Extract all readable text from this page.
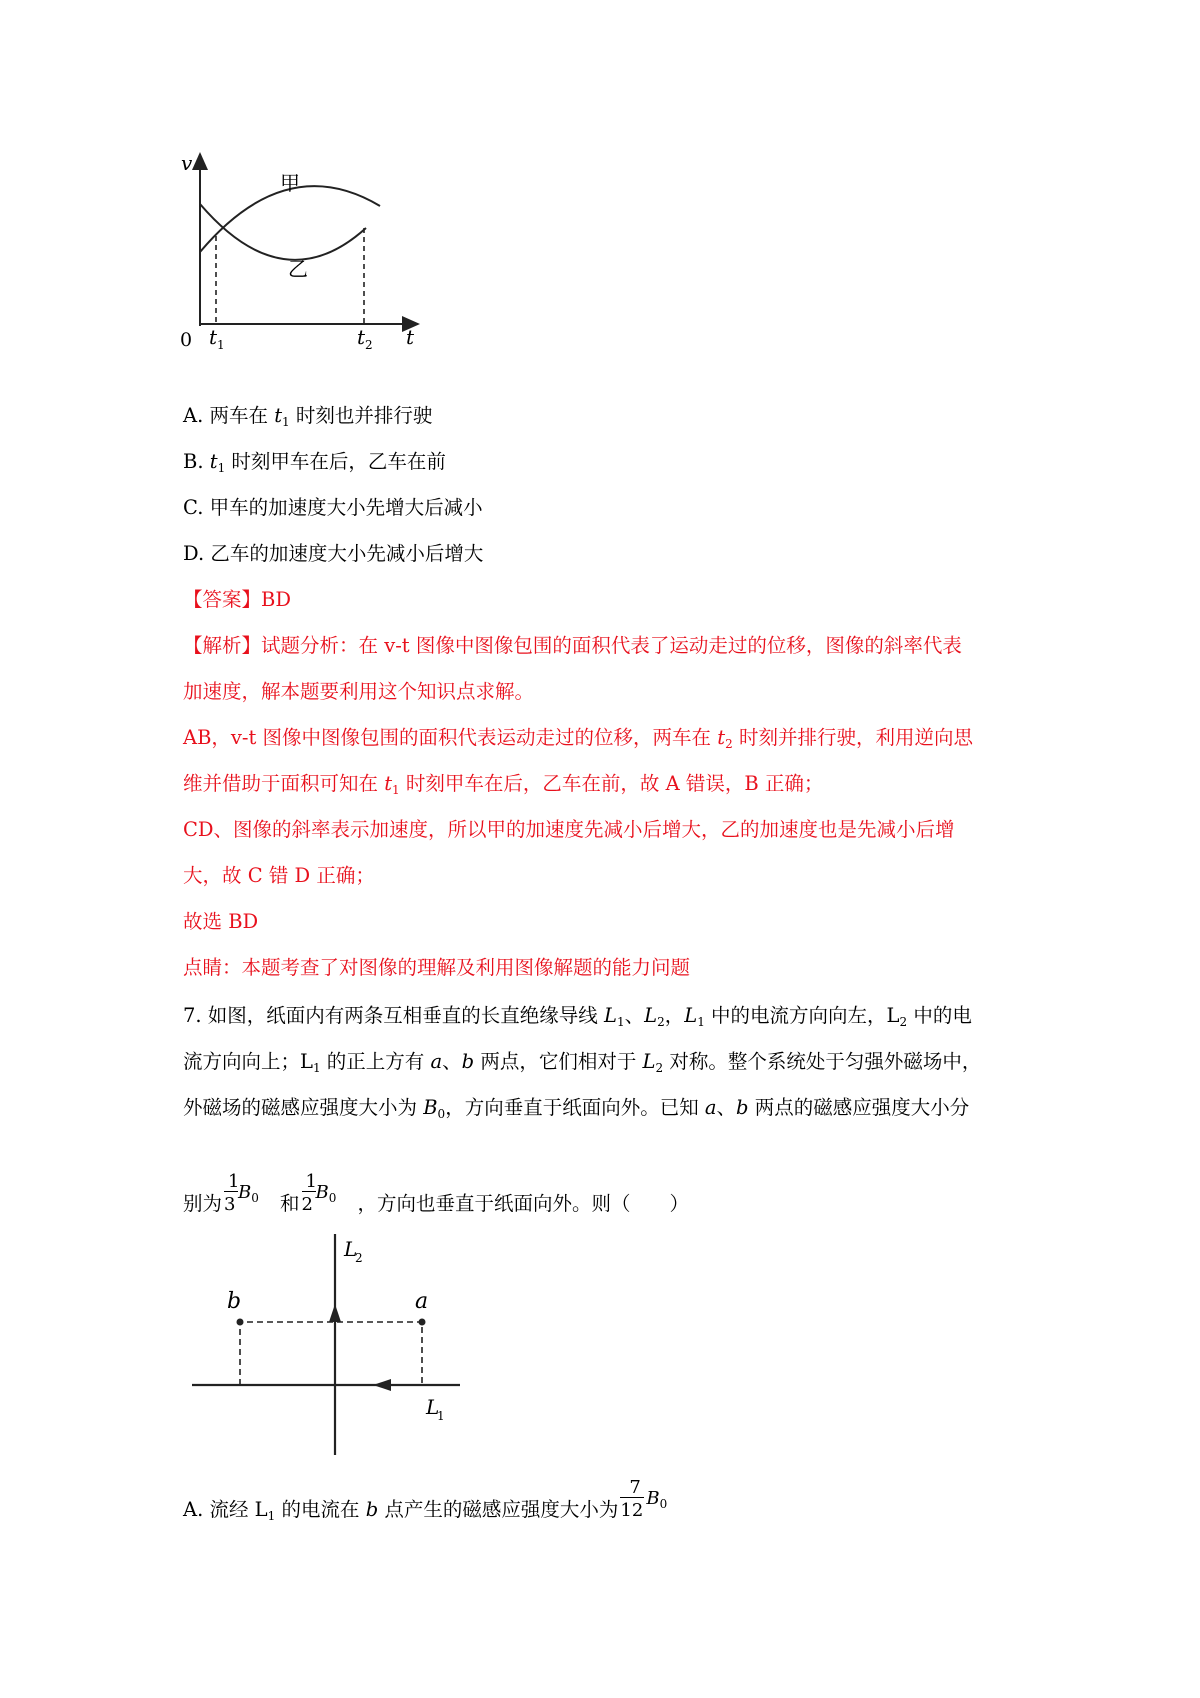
v
t
0 t 1	t 2
甲
乙
A. 两车在 $t_1$ 时刻也并排行驶
B. $t_1$ 时刻甲车在后，乙车在前
C. 甲车的加速度大小先增大后减小
D. 乙车的加速度大小先减小后增大
【答案】BD
【解析】试题分析：在 v-t 图像中图像包围的面积代表了运动走过的位移，图像的斜率代表
加速度，解本题要利用这个知识点求解。
AB，v-t 图像中图像包围的面积代表运动走过的位移，两车在 $t_2$ 时刻并排行驶，利用逆向思
维并借助于面积可知在 $t_1$ 时刻甲车在后，乙车在前，故 A 错误，B 正确；
CD、图像的斜率表示加速度，所以甲的加速度先减小后增大，乙的加速度也是先减小后增
大，故 C 错 D 正确；
故选 BD
点睛：本题考查了对图像的理解及利用图像解题的能力问题
7. 如图，纸面内有两条互相垂直的长直绝缘导线 $L_1$、$L_2$，$L_1$ 中的电流方向向左，$L_2$ 中的电
流方向向上；$L_1$ 的正上方有 a、b 两点，它们相对于 $L_2$ 对称。整个系统处于匀强外磁场中，
外磁场的磁感应强度大小为 $B_0$，方向垂直于纸面向外。已知 a、b 两点的磁感应强度大小分
别为
1
3
$B_0$ 和
1
2
$B_0$ ，方向也垂直于纸面向外。则（　　）
b	a
L
2
L
1
A. 流经 $L_1$ 的电流在 b 点产生的磁感应强度大小为
7
12
$B_0$
